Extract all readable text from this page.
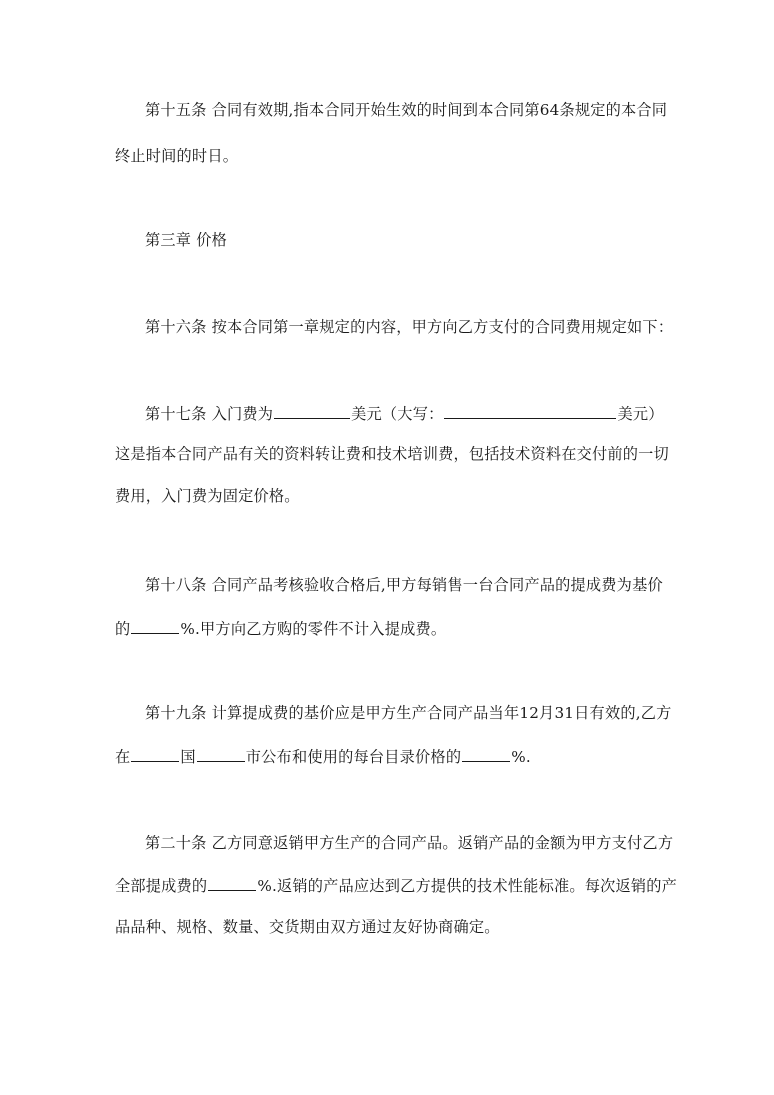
第十五条 合同有效期,指本合同开始生效的时间到本合同第64条规定的本合同

终止时间的时日。

第三章 价格

第十六条 按本合同第一章规定的内容，甲方向乙方支付的合同费用规定如下：

第十七条 入门费为	美元（大写：	美元）

这是指本合同产品有关的资料转让费和技术培训费，包括技术资料在交付前的一切

费用，入门费为固定价格。

第十八条 合同产品考核验收合格后,甲方每销售一台合同产品的提成费为基价

的	%.甲方向乙方购的零件不计入提成费。

第十九条 计算提成费的基价应是甲方生产合同产品当年12月31日有效的,乙方

在	国	市公布和使用的每台目录价格的	%.

第二十条 乙方同意返销甲方生产的合同产品。返销产品的金额为甲方支付乙方

全部提成费的	%.返销的产品应达到乙方提供的技术性能标准。每次返销的产

品品种、规格、数量、交货期由双方通过友好协商确定。
